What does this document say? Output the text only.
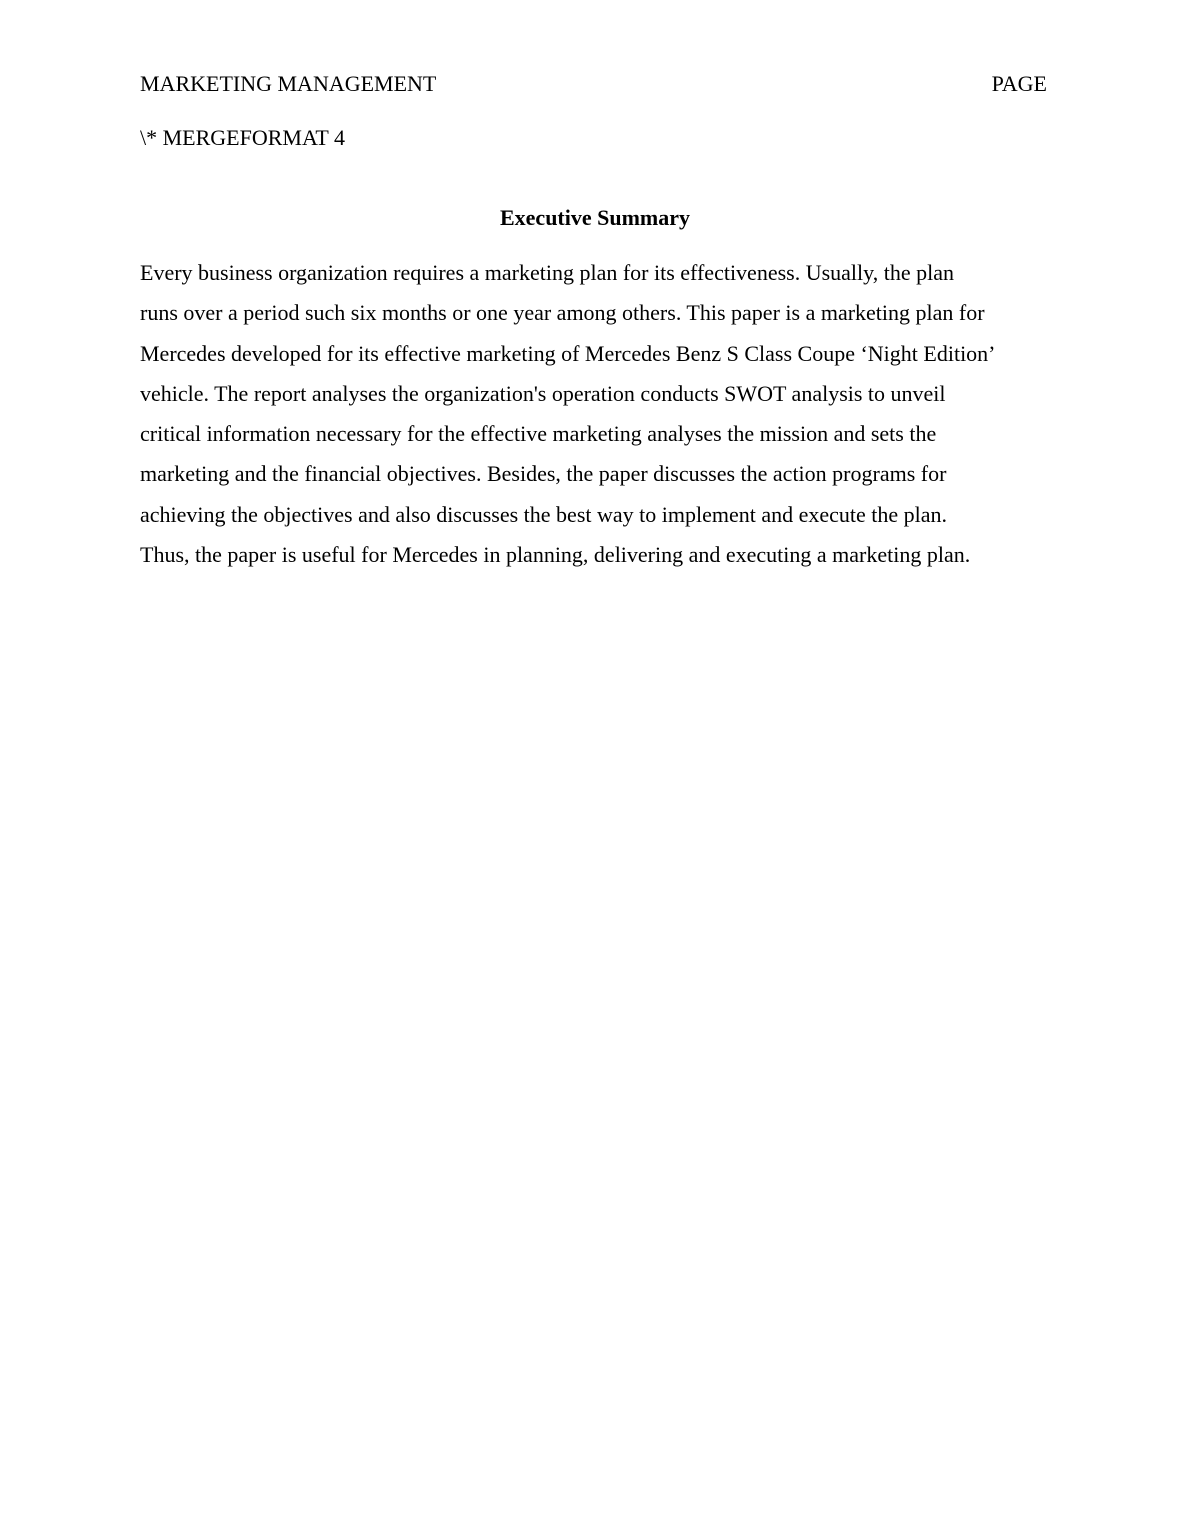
MARKETING MANAGEMENT	PAGE
\* MERGEFORMAT 4
Executive Summary

Every business organization requires a marketing plan for its effectiveness. Usually, the plan
runs over a period such six months or one year among others. This paper is a marketing plan for
Mercedes developed for its effective marketing of Mercedes Benz S Class Coupe ‘Night Edition’
vehicle. The report analyses the organization's operation conducts SWOT analysis to unveil
critical information necessary for the effective marketing analyses the mission and sets the
marketing and the financial objectives. Besides, the paper discusses the action programs for
achieving the objectives and also discusses the best way to implement and execute the plan.
Thus, the paper is useful for Mercedes in planning, delivering and executing a marketing plan.
